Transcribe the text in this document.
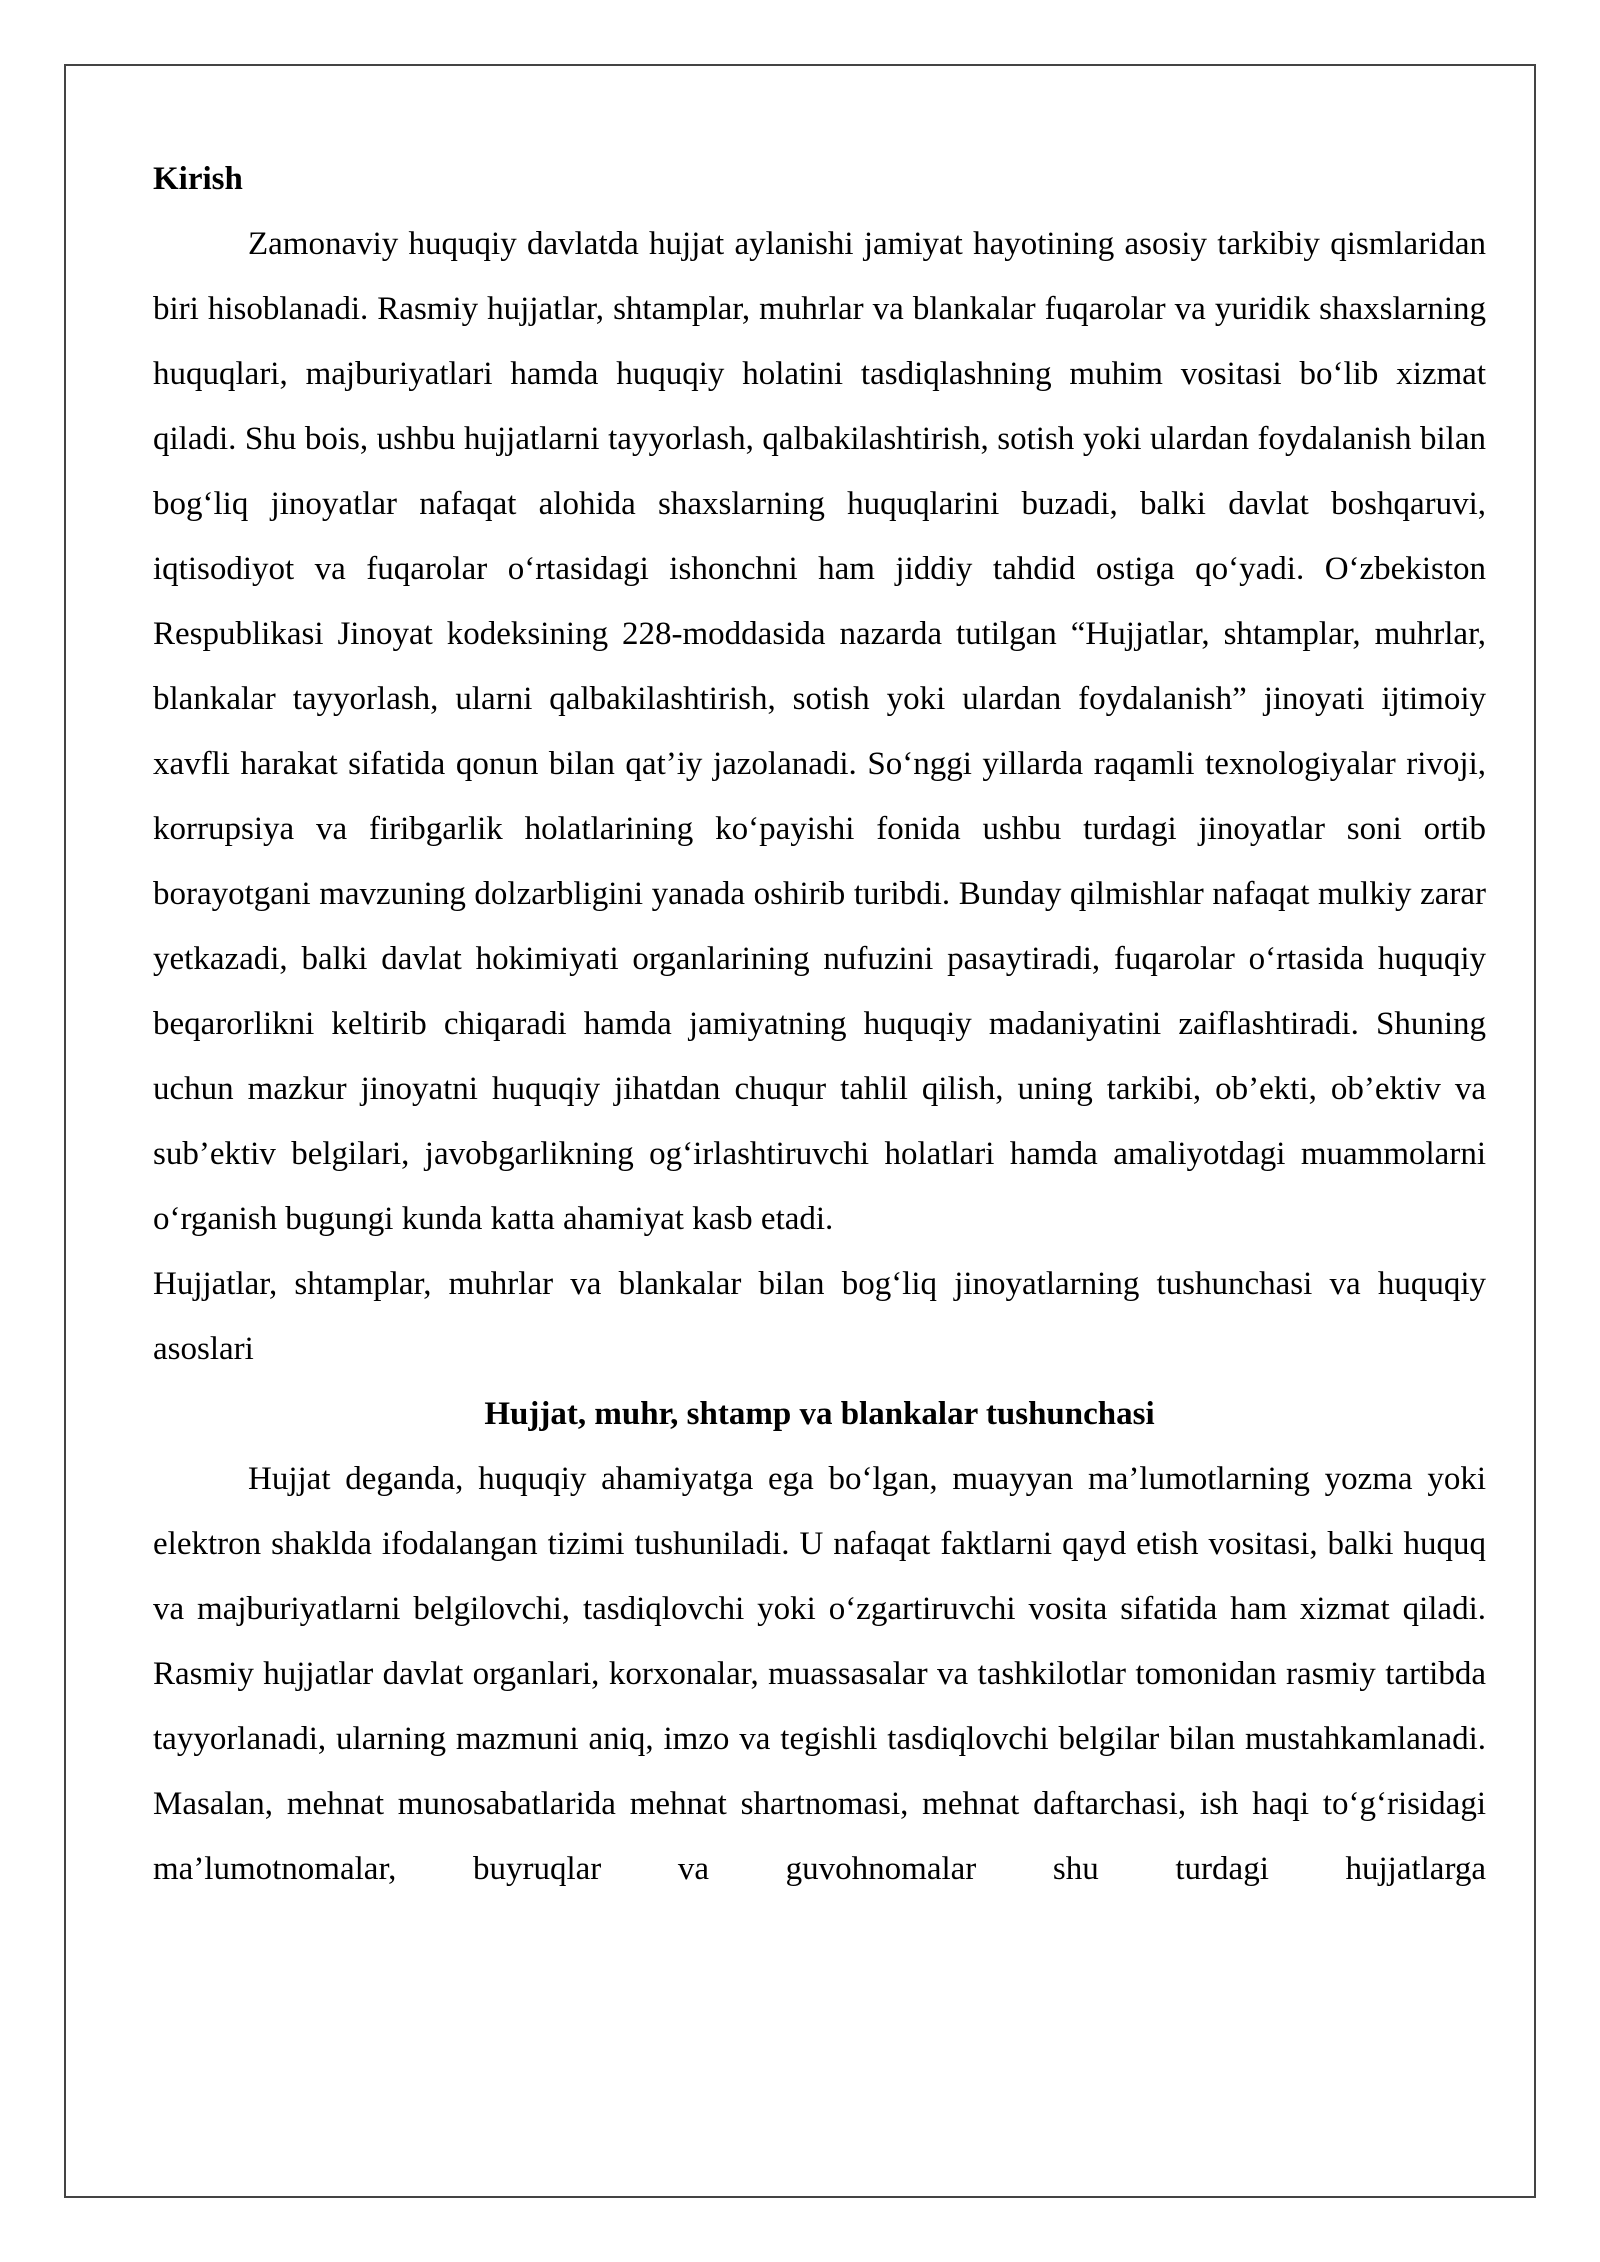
Kirish

Zamonaviy huquqiy davlatda hujjat aylanishi jamiyat hayotining asosiy tarkibiy qismlaridan biri hisoblanadi. Rasmiy hujjatlar, shtamplar, muhrlar va blankalar fuqarolar va yuridik shaxslarning huquqlari, majburiyatlari hamda huquqiy holatini tasdiqlashning muhim vositasi bo‘lib xizmat qiladi. Shu bois, ushbu hujjatlarni tayyorlash, qalbakilashtirish, sotish yoki ulardan foydalanish bilan bog‘liq jinoyatlar nafaqat alohida shaxslarning huquqlarini buzadi, balki davlat boshqaruvi, iqtisodiyot va fuqarolar o‘rtasidagi ishonchni ham jiddiy tahdid ostiga qo‘yadi. O‘zbekiston Respublikasi Jinoyat kodeksining 228-moddasida nazarda tutilgan “Hujjatlar, shtamplar, muhrlar, blankalar tayyorlash, ularni qalbakilashtirish, sotish yoki ulardan foydalanish” jinoyati ijtimoiy xavfli harakat sifatida qonun bilan qat’iy jazolanadi. So‘nggi yillarda raqamli texnologiyalar rivoji, korrupsiya va firibgarlik holatlarining ko‘payishi fonida ushbu turdagi jinoyatlar soni ortib borayotgani mavzuning dolzarbligini yanada oshirib turibdi. Bunday qilmishlar nafaqat mulkiy zarar yetkazadi, balki davlat hokimiyati organlarining nufuzini pasaytiradi, fuqarolar o‘rtasida huquqiy beqarorlikni keltirib chiqaradi hamda jamiyatning huquqiy madaniyatini zaiflashtiradi. Shuning uchun mazkur jinoyatni huquqiy jihatdan chuqur tahlil qilish, uning tarkibi, ob’ekti, ob’ektiv va sub’ektiv belgilari, javobgarlikning og‘irlashtiruvchi holatlari hamda amaliyotdagi muammolarni o‘rganish bugungi kunda katta ahamiyat kasb etadi.

Hujjatlar, shtamplar, muhrlar va blankalar bilan bog‘liq jinoyatlarning tushunchasi va huquqiy asoslari

Hujjat, muhr, shtamp va blankalar tushunchasi

Hujjat deganda, huquqiy ahamiyatga ega bo‘lgan, muayyan ma’lumotlarning yozma yoki elektron shaklda ifodalangan tizimi tushuniladi. U nafaqat faktlarni qayd etish vositasi, balki huquq va majburiyatlarni belgilovchi, tasdiqlovchi yoki o‘zgartiruvchi vosita sifatida ham xizmat qiladi. Rasmiy hujjatlar davlat organlari, korxonalar, muassasalar va tashkilotlar tomonidan rasmiy tartibda tayyorlanadi, ularning mazmuni aniq, imzo va tegishli tasdiqlovchi belgilar bilan mustahkamlanadi. Masalan, mehnat munosabatlarida mehnat shartnomasi, mehnat daftarchasi, ish haqi to‘g‘risidagi ma’lumotnomalar, buyruqlar va guvohnomalar shu turdagi hujjatlarga
